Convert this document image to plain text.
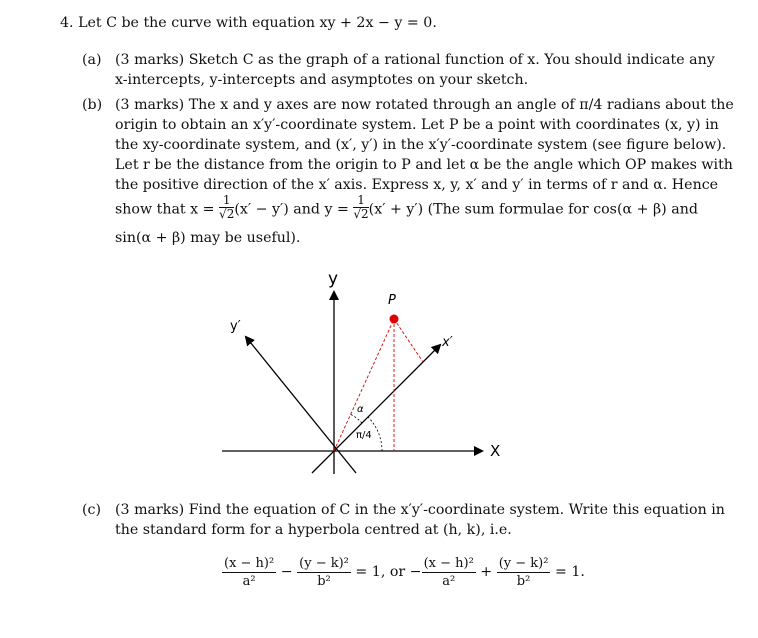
4. Let C be the curve with equation xy + 2x − y = 0.
(a) (3 marks) Sketch C as the graph of a rational function of x. You should indicate any
x-intercepts, y-intercepts and asymptotes on your sketch.
(b) (3 marks) The x and y axes are now rotated through an angle of π/4 radians about the
origin to obtain an x′y′-coordinate system. Let P be a point with coordinates (x, y) in
the xy-coordinate system, and (x′, y′) in the x′y′-coordinate system (see figure below).
Let r be the distance from the origin to P and let α be the angle which OP makes with
the positive direction of the x′ axis. Express x, y, x′ and y′ in terms of r and α. Hence
show that $x = \frac{1}{√2} (x' - y')$ and $y = \frac{1}{√2} (x' + y')$ (The sum formulae for cos(α + β) and
sin(α + β) may be useful).
y
X
P
y′
x′
α
π/4
(c) (3 marks) Find the equation of C in the x′y′-coordinate system. Write this equation in
the standard form for a hyperbola centred at (h, k), i.e.
$\frac{\text{(x − h)²}}{\text{a²}} - \frac{\text{(y − k)²}}{\text{b²}} = 1$, or − $\frac{\text{(x − h)²}}{\text{a²}} + \frac{\text{(y − k)²}}{\text{b²}} = 1$.
